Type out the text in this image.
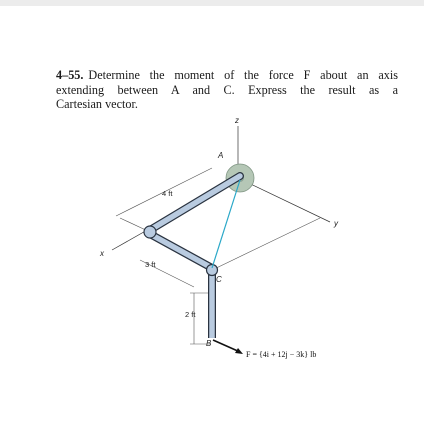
4–55. Determine the moment of the force F about an axis
extending between A and C. Express the result as a
Cartesian vector.
z
y
x
A
C
B
4 ft
3 ft
2 ft
F = {4i + 12j − 3k} lb
